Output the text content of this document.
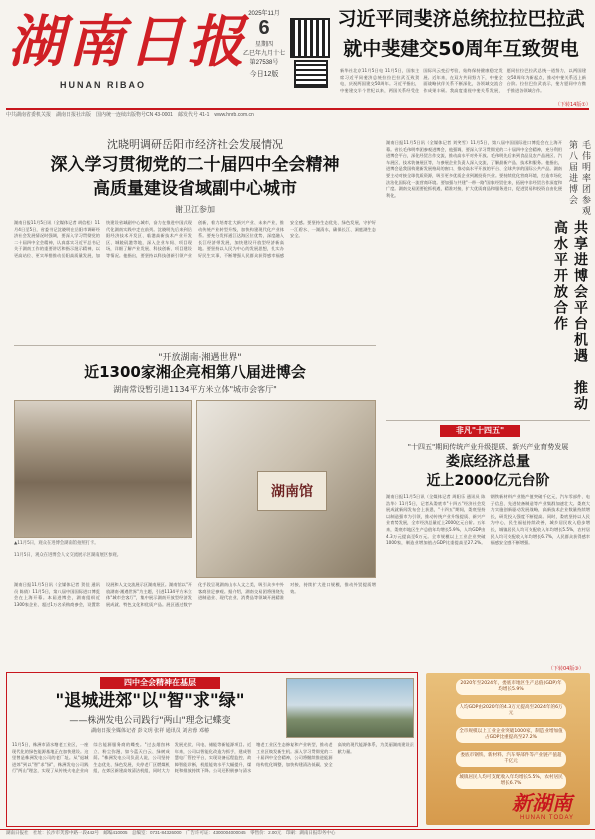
湖南日报
HUNAN RIBAO
2025年11月
6
星期四
乙巳年九月十七
第27538号
今日12版
习近平同斐济总统拉拉巴拉武
就中斐建交50周年互致贺电
新华社北京11月5日电 11月5日，国家主席习近平同斐济总统拉拉巴拉武互致贺电，庆祝两国建交50周年。习近平指出，中斐建交半个世纪以来，两国关系经受住国际风云变幻考验，始终保持健康稳定发展。近年来，在双方共同努力下，中斐全面战略伙伴关系不断深化，各领域交流合作成果丰硕。我高度重视中斐关系发展，愿同拉拉巴拉武总统一道努力，以两国建交50周年为新起点，推动中斐关系迈上新台阶。拉拉巴拉武表示，斐方愿同中方携手推进各领域合作。
（下转14版①）
中共湖南省委机关报　湖南日报社出版　国内统一连续出版物号CN 43-0001　邮发代号 41-1　www.hnrb.com.cn
沈晓明调研岳阳市经济社会发展情况
深入学习贯彻党的二十届四中全会精神
高质量建设省域副中心城市
谢卫江参加
湖南日报11月5日讯（全媒体记者 胡信松）11月4日至5日，省委书记沈晓明在岳阳市调研经济社会发展情况时强调，要深入学习贯彻党的二十届四中全会精神，认真落实习近平总书记关于湖南工作的重要讲话和指示批示精神，以更高站位、更实举措推动岳阳高质量发展，加快建设省域副中心城市，奋力在推进中国式现代化湖南实践中走在前列。沈晓明先后来到岳阳经济技术开发区、临港高新技术产业开发区、城陵矶港等地，深入企业车间、项目现场，详细了解产业发展、科技创新、项目建设等情况。他指出，要坚持以科技创新引领产业创新，着力培育壮大新兴产业、未来产业，推动传统产业转型升级，加快构建现代化产业体系。要充分发挥通江达海区位优势，深度融入长江经济带发展，加快建设开放型经济新高地。要坚持以人民为中心的发展思想，扎实办好民生实事，不断增强人民群众获得感幸福感安全感。要坚持生态优先、绿色发展，守护好一江碧水、一湖清水，确保长江、洞庭湖生态安全。
"开放湖南·湘遇世界"
近1300家湘企亮相第八届进博会
湖南常设暂引进1134平方米立体"城市会客厅"
湖南馆
▲11月5日，观众在进博会湖南馆拍照打卡。
11月5日，观众在进博会人文交流展示区湖南展区参观。
湖南日报11月5日讯（全媒体记者 贺佳 通讯员 陈倩）11月5日，第八届中国国际进口博览会在上海开幕。本届进博会，湖南组织近1300家企业、超过1万名采购商参会，设置常设展和人文交流展示区湖南展区。湖南馆以"开放湖南·湘遇世界"为主题，引进1134平方米立体"城市会客厅"，集中展示湖南开放型经济发展成就、特色文化和优质产品。展区通过数字化手段呈现湖南山水人文之美，吸引众多中外客商驻足参观。据介绍，湖南交易团将围绕先进制造业、现代农业、消费品等领域开展精准对接，持续扩大进口规模，推动外贸提质增效。
湖南日报11月5日讯（全媒体记者 刘笑雪）11月5日，第八届中国国际进口博览会在上海开幕。省长毛伟明率团参观进博会，他强调，要深入学习贯彻党的二十届四中全会精神，充分利用进博会平台，深化经贸合作交流，推动高水平对外开放。毛伟明先后来到食品及农产品展区、汽车展区、技术装备展区等，与参展企业负责人深入交流，了解最新产品、技术和服务。他指出，进博会是我国构建新发展格局的窗口、推动高水平开放的平台、全球共享的国际公共产品。湖南要主动对接全球优质资源，吸引更多优质企业到湘投资兴业。要持续优化营商环境，打造市场化法治化国际化一流营商环境。要加强与共建"一带一路"国家经贸往来，拓展中非经贸合作深度和广度。湖南交易团要抢抓机遇，精准对接，扩大优质商品和服务进口，促进贸易和投资自由化便利化。	毛伟明率团参观第八届进博会
共享进博会平台机遇　推动高水平开放合作
非凡"十四五"
"十四五"期间传统产业升级提质、新兴产业育势发展
娄底经济总量
近上2000亿元台阶
湖南日报11月5日讯（全媒体记者 周阳乐 通讯员 陈浩华）11月5日，记者从娄底市"十四五"经济社会发展成就新闻发布会上获悉，"十四五"期间，娄底坚持以制造强市为引领，推动传统产业升级提质、新兴产业育势发展，全市经济总量近上2000亿元台阶。五年来，娄底市地区生产总值年均增长5.9%，人均GDP由4.3万元提高至6万元。全市规模以上工业企业突破1000家，制造业增加值占GDP比重提高至27.2%。钢铁新材料产业链产值突破千亿元，汽车零部件、电子信息、先进装备制造等产业集群加速壮大。娄底大力实施创新驱动发展战略，高新技术企业数量持续增长，研发投入强度不断提高。同时，娄底坚持以人民为中心，民生福祉持续改善，城乡居民收入稳步增长，城镇居民人均可支配收入年均增长5.5%，农村居民人均可支配收入年均增长6.7%，人民群众获得感幸福感安全感不断增强。
（下转04版③）
四中全会精神在基层
"退城进郊"以"智"求"绿"
——株洲发电公司践行"两山"理念记蝶变
湖南日报全媒体记者 彭文玥 张祥 通讯员 刘舍蓉 邓椿
11月5日，株洲市清水塘老工业区，一座现代化的绿色能源基地正在加快建设。这里曾是株洲发电公司的老厂址。从"退城进郊"到以"智"求"绿"，株洲发电公司践行"两山"理念，实现了从传统火电企业向综合能源服务商的蝶变。"过去烟囱林立、粉尘弥漫，如今蓝天白云、绿树成荫。"株洲发电公司负责人说，公司坚持生态优先、绿色发展，关停老厂区燃煤机组，在郊区新建高效清洁机组，同时大力发展光伏、风电、储能等新能源项目。近年来，公司以智能化改造为抓手，建成智慧电厂管控平台，实现设备远程监控、故障智能诊断，机组能效水平大幅提升，煤耗和排放持续下降。公司还积极参与清水塘老工业区生态修复和产业转型，推动老工业区焕发新生机。深入学习贯彻党的二十届四中全会精神，公司将继续推进能源结构优化调整，加快构建清洁低碳、安全高效的现代能源体系，为美丽湖南建设贡献力量。
2020年至2024年，娄底市地区生产总值(GDP)年均增长5.9%
人均GDP由2020年的4.3万元提高至2024年的6万元
全市规模以上工业企业突破1000家，制造业增加值占GDP比重提高至27.2%
娄底市钢铁、新材料、汽车零部件等产业链产值超千亿元
城镇居民人均可支配收入年均增长5.5%，农村居民增长6.7%
新湖南
HUNAN TODAY
湖南日报社　社址：长沙市芙蓉中路一段442号　邮编410005　总编室：0731-84326000　广告许可证：4300004000045　零售价：2.00元　印刷：湖南日报印务中心
